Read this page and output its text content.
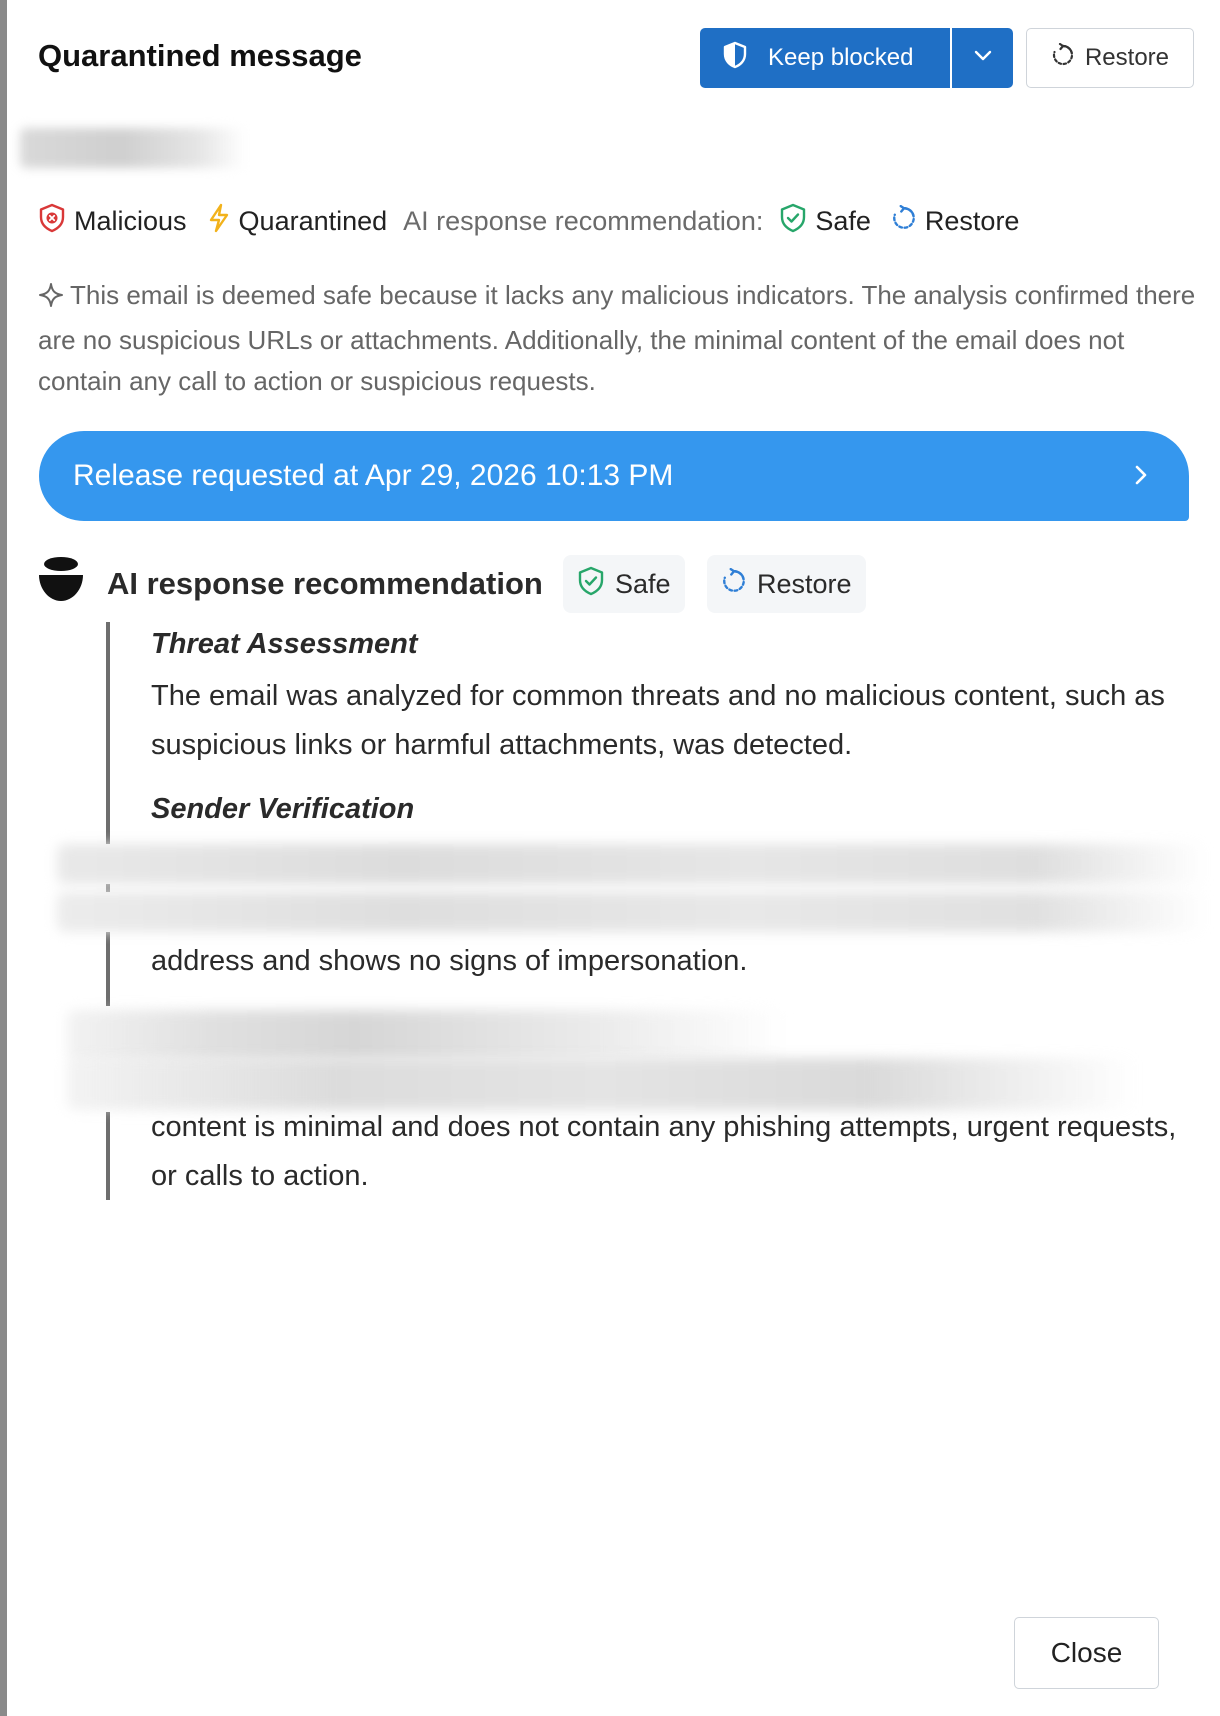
Quarantined message	Keep blocked	Restore
Malicious Quarantined AI response recommendation: Safe Restore
This email is deemed safe because it lacks any malicious indicators. The analysis confirmed there are no suspicious URLs or attachments. Additionally, the minimal content of the email does not contain any call to action or suspicious requests.
Release requested at Apr 29, 2026 10:13 PM
AI response recommendation	Safe	Restore
Threat Assessment
The email was analyzed for common threats and no malicious content, such as suspicious links or harmful attachments, was detected.
Sender Verification
address and shows no signs of impersonation.
content is minimal and does not contain any phishing attempts, urgent requests, or calls to action.
Close
